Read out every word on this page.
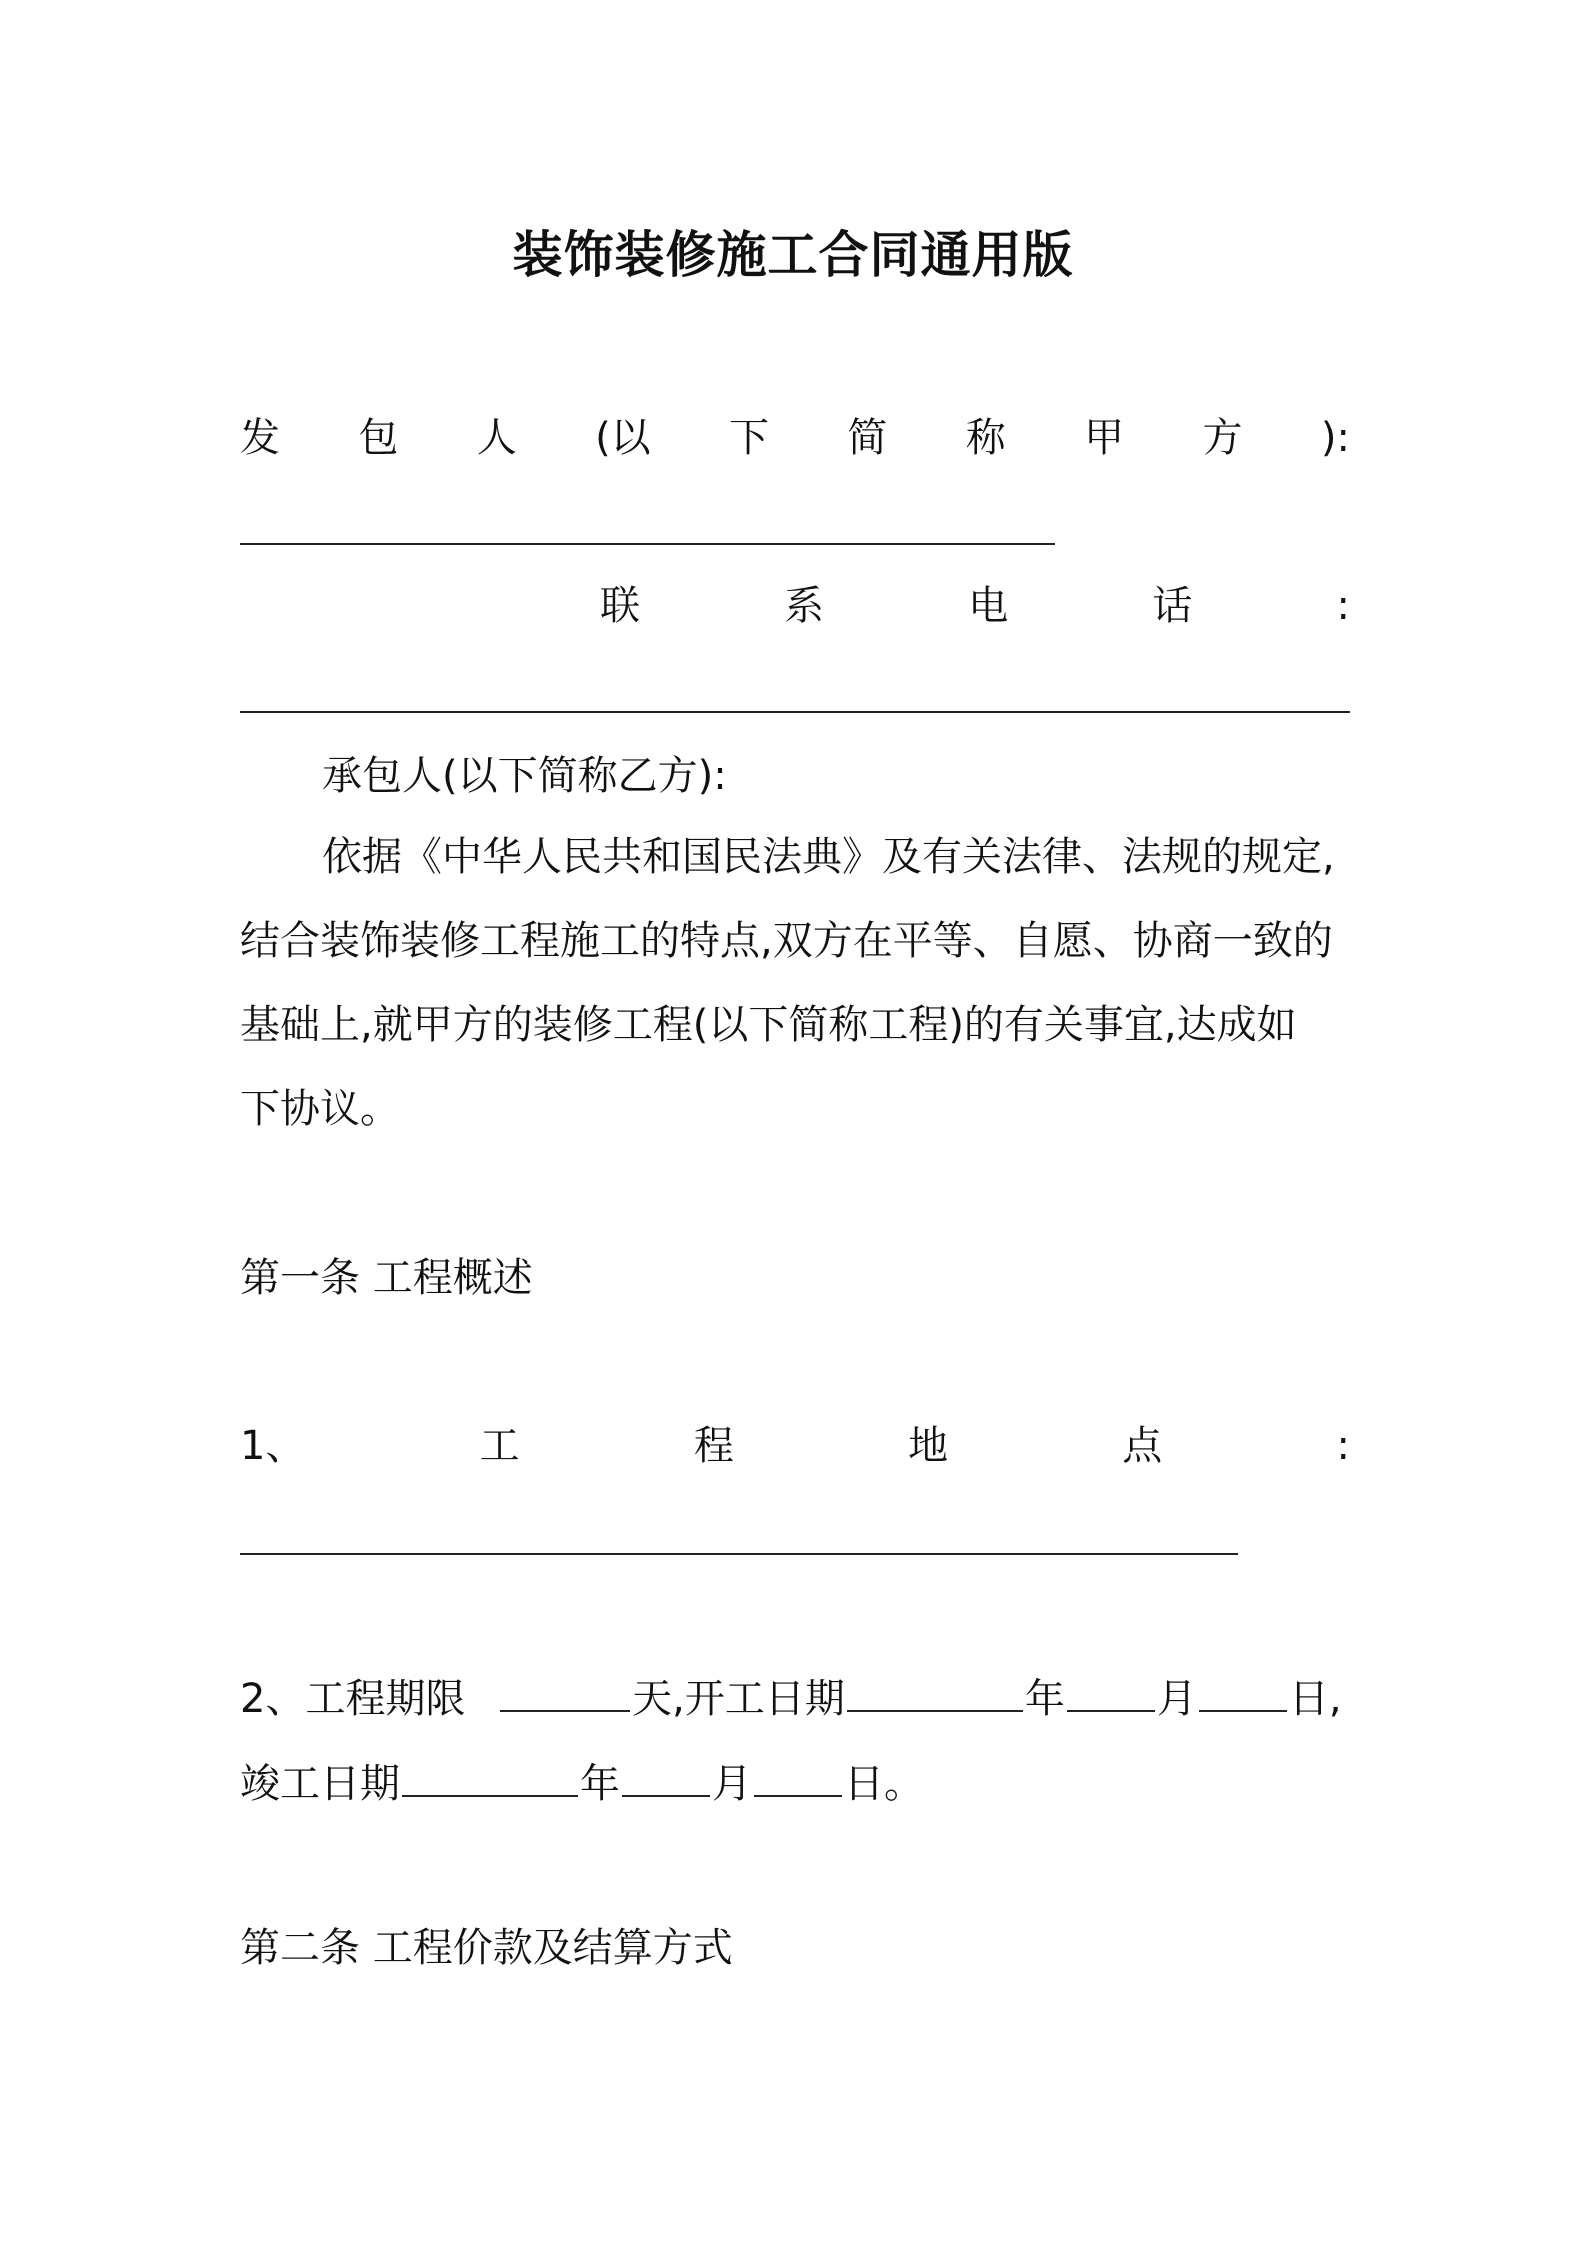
装饰装修施工合同通用版
发 包 人 (以 下 简 称 甲 方 ):
联	系	电	话	:
承包人(以下简称乙方):

依据《中华人民共和国民法典》及有关法律、法规的规定,

结合装饰装修工程施工的特点,双方在平等、自愿、协商一致的

基础上,就甲方的装修工程(以下简称工程)的有关事宜,达成如

下协议。

第一条 工程概述
1、	工	程	地	点	:
2、工程期限	天,开工日期	年 月 日,
竣工日期	年 月 日。
第二条 工程价款及结算方式
